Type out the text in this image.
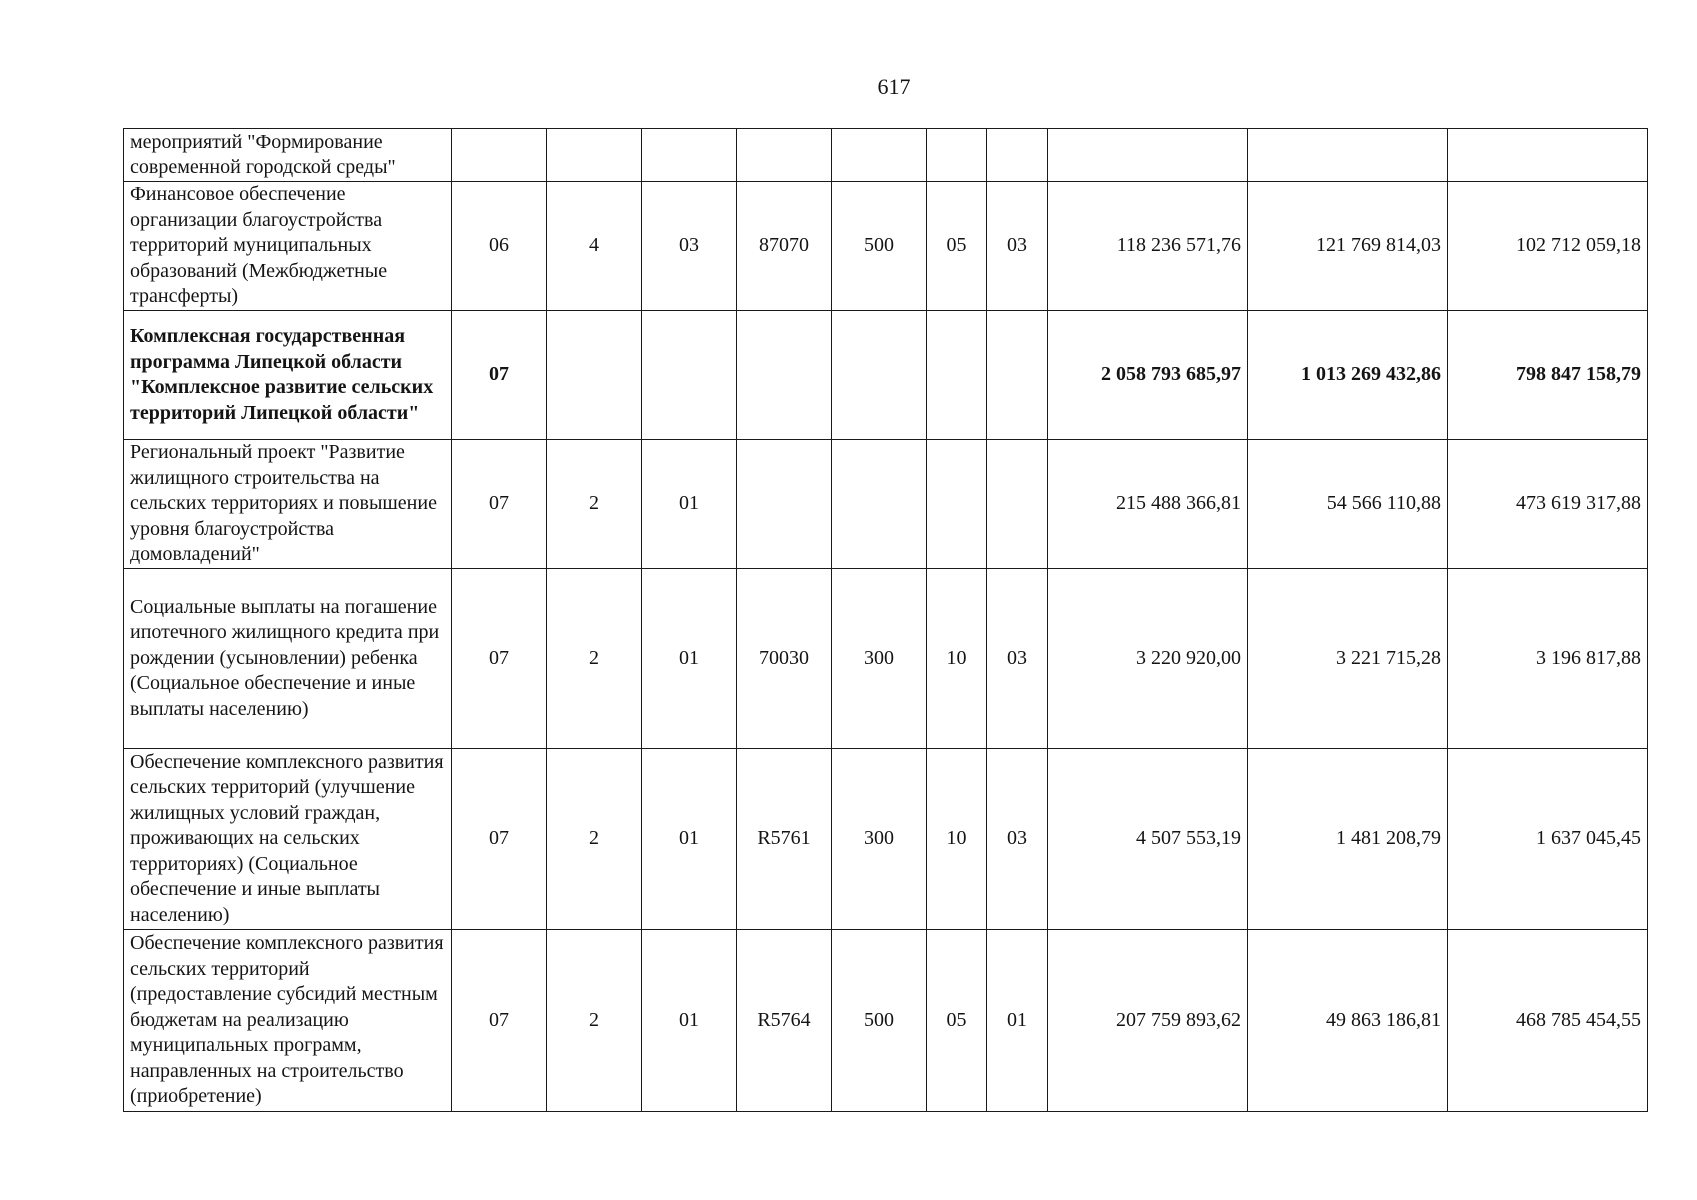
617
мероприятий "Формирование современной городской среды"										
Финансовое обеспечение организации благоустройства территорий муниципальных образований (Межбюджетные трансферты)	06	4	03	87070	500	05	03	118 236 571,76	121 769 814,03	102 712 059,18
Комплексная государственная программа Липецкой области "Комплексное развитие сельских территорий Липецкой области"	07							2 058 793 685,97	1 013 269 432,86	798 847 158,79
Региональный проект "Развитие жилищного строительства на сельских территориях и повышение уровня благоустройства домовладений"	07	2	01					215 488 366,81	54 566 110,88	473 619 317,88
Социальные выплаты на погашение ипотечного жилищного кредита при рождении (усыновлении) ребенка (Социальное обеспечение и иные выплаты населению)	07	2	01	70030	300	10	03	3 220 920,00	3 221 715,28	3 196 817,88
Обеспечение комплексного развития сельских территорий (улучшение жилищных условий граждан, проживающих на сельских территориях) (Социальное обеспечение и иные выплаты населению)	07	2	01	R5761	300	10	03	4 507 553,19	1 481 208,79	1 637 045,45
Обеспечение комплексного развития сельских территорий (предоставление субсидий местным бюджетам на реализацию муниципальных программ, направленных на строительство (приобретение)	07	2	01	R5764	500	05	01	207 759 893,62	49 863 186,81	468 785 454,55
